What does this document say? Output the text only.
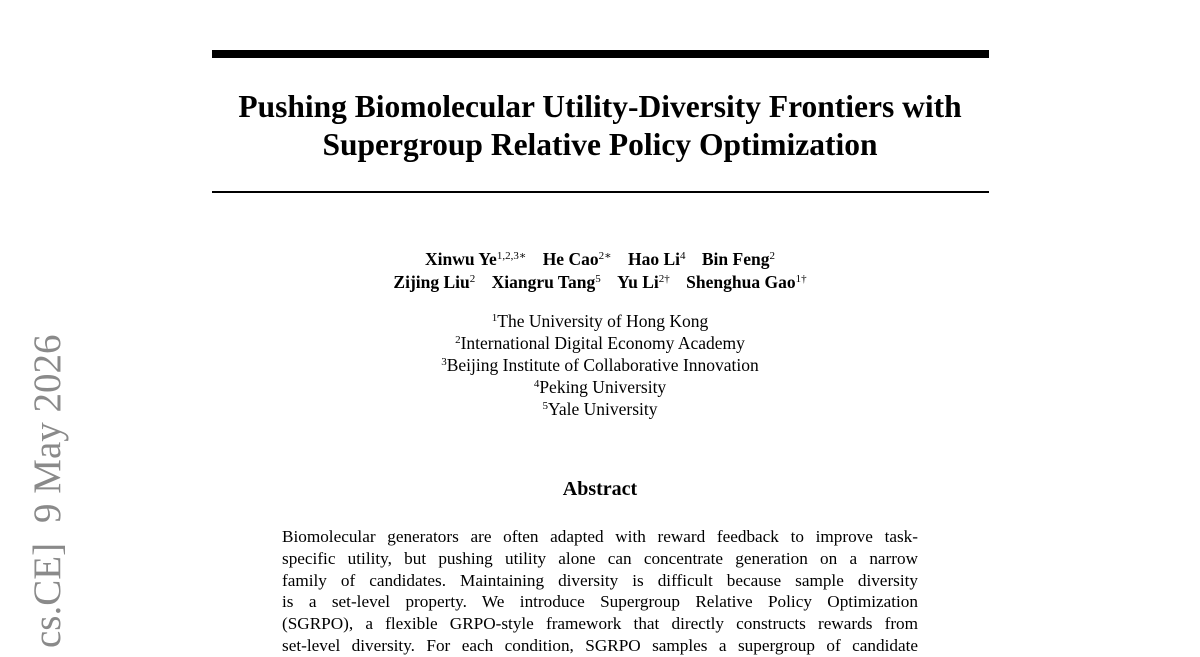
Pushing Biomolecular Utility-Diversity Frontiers with
Supergroup Relative Policy Optimization
Xinwu $Ye^{1,2,3∗}$ He Cao$^{2∗}$ Hao Li$^4$ Bin Feng$^2$
Zijing Liu$^2$ Xiangru Tang$^5$ Yu $Li^{2\dagger}$ Shenghua Gao$^{1\dagger}$
$^1$The University of Hong Kong
$^2$International Digital Economy Academy
$^3$Beijing Institute of Collaborative Innovation
$^4$Peking University
$^5$Yale University
Abstract
Biomolecular generators are often adapted with reward feedback to improve task-
specific utility, but pushing utility alone can concentrate generation on a narrow
family of candidates. Maintaining diversity is difficult because sample diversity
is a set-level property. We introduce Supergroup Relative Policy Optimization
(SGRPO), a flexible GRPO-style framework that directly constructs rewards from
set-level diversity. For each condition, SGRPO samples a supergroup of candidate
cs.CE]9 May 2026
